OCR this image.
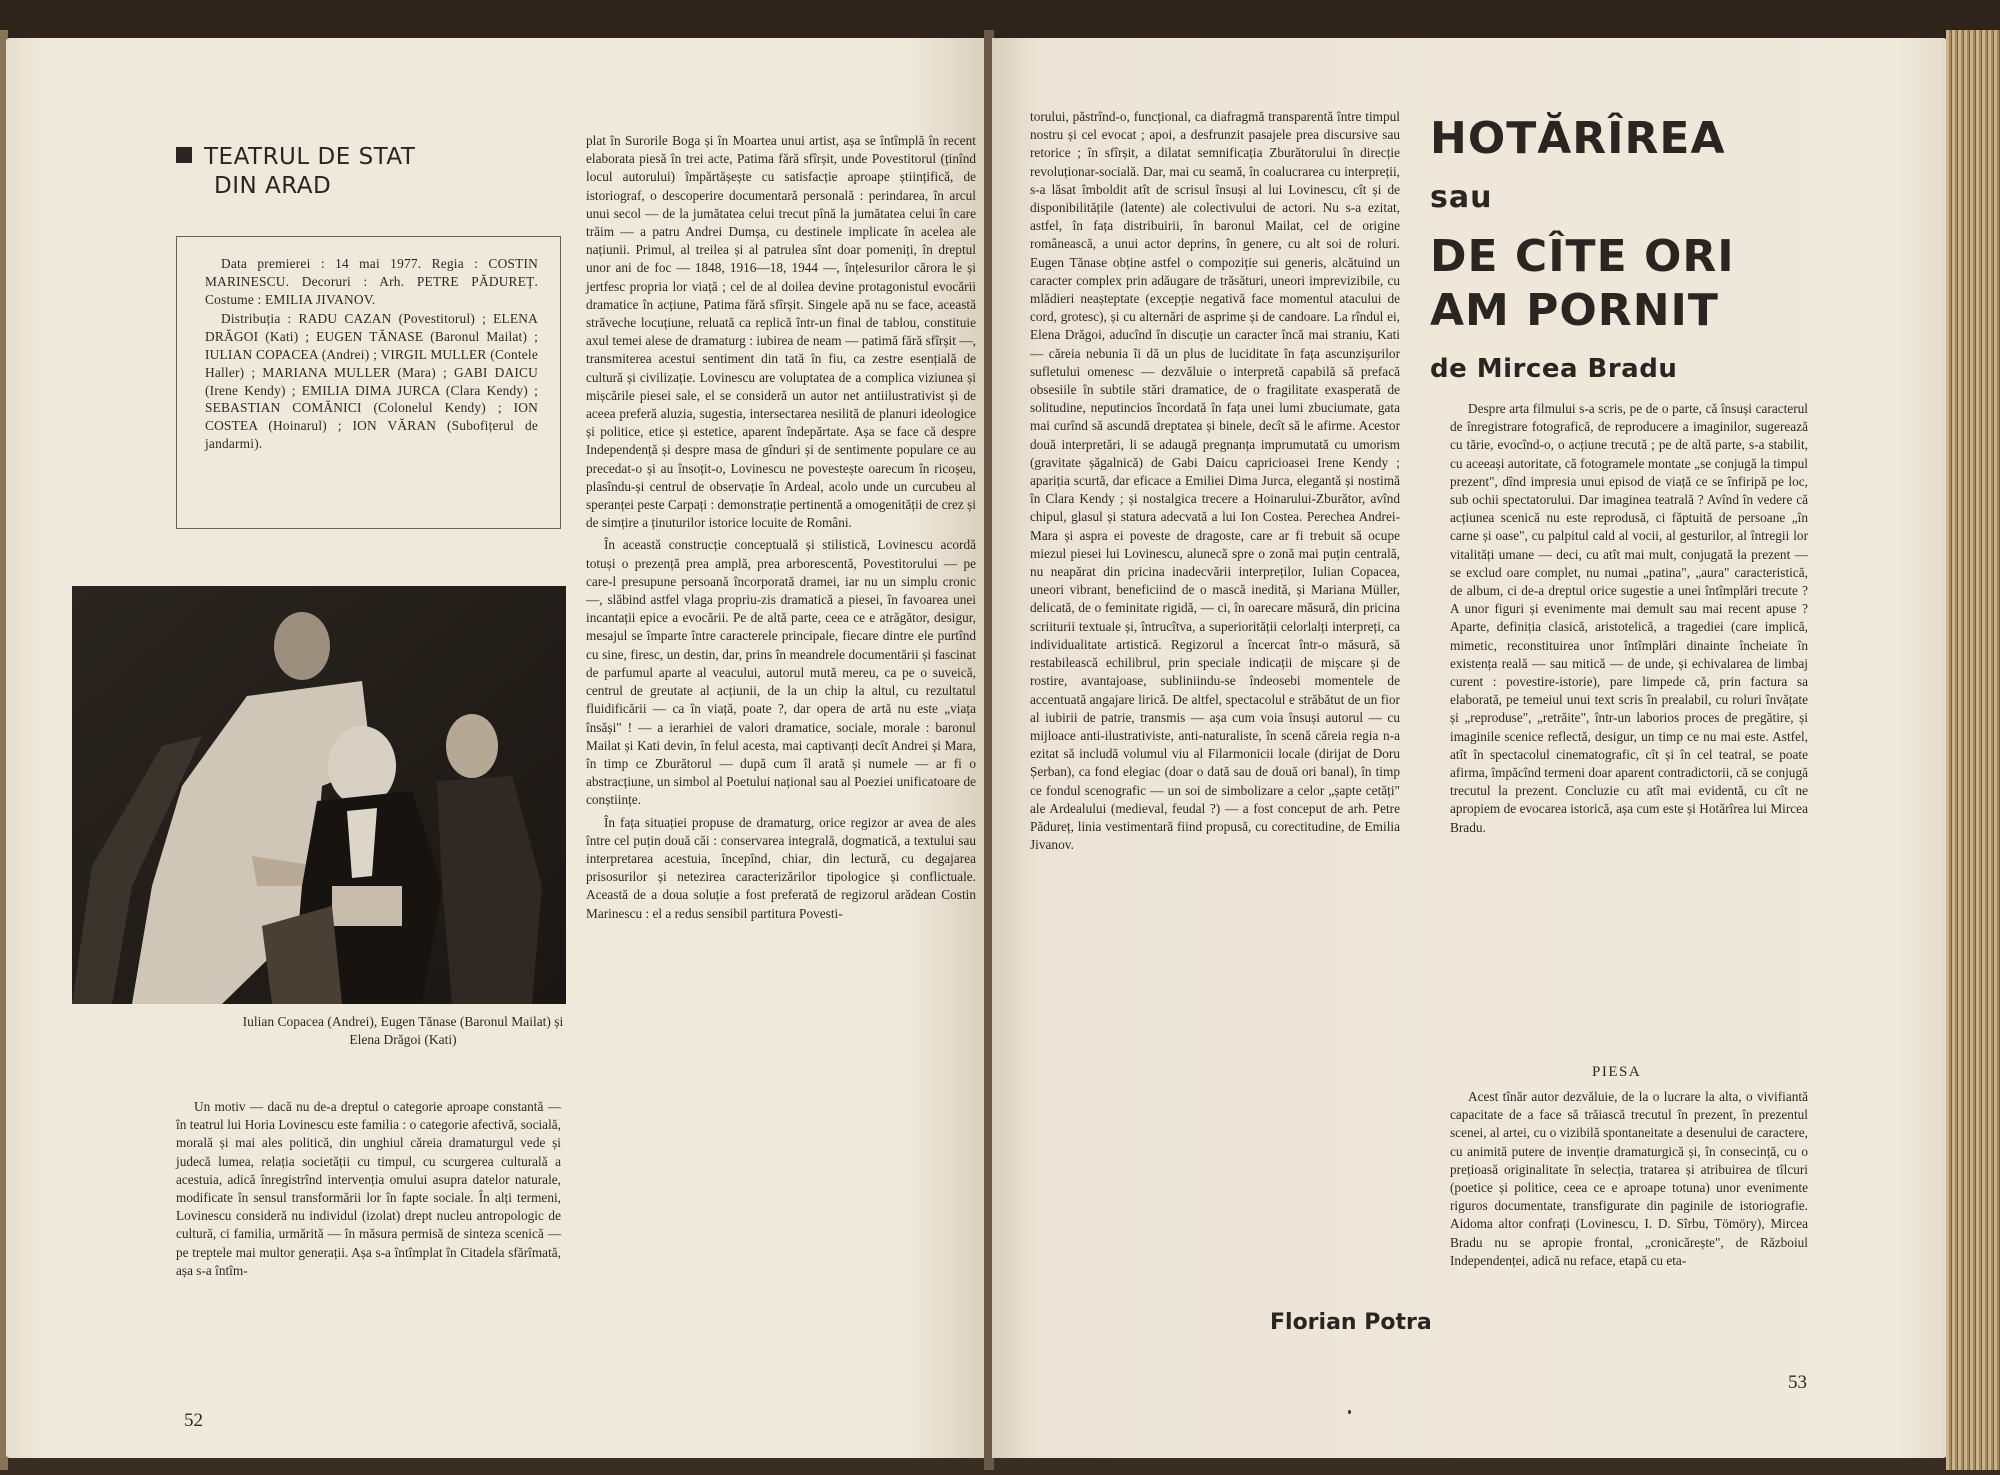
TEATRUL DE STAT
DIN ARAD

Data premierei : 14 mai 1977. Regia : COSTIN MARINESCU. Decoruri : Arh. PETRE PĂDUREȚ. Costume : EMILIA JIVANOV.

Distribuția : RADU CAZAN (Povestitorul) ; ELENA DRĂGOI (Kati) ; EUGEN TĂNASE (Baronul Mailat) ; IULIAN COPACEA (Andrei) ; VIRGIL MULLER (Contele Haller) ; MARIANA MULLER (Mara) ; GABI DAICU (Irene Kendy) ; EMILIA DIMA JURCA (Clara Kendy) ; SEBASTIAN COMĂNICI (Colonelul Kendy) ; ION COSTEA (Hoinarul) ; ION VĂRAN (Subofițerul de jandarmi).

Iulian Copacea (Andrei), Eugen Tănase (Baronul Mailat) și Elena Drăgoi (Kati)

Un motiv — dacă nu de-a dreptul o categorie aproape constantă — în teatrul lui Horia Lovinescu este familia : o categorie afectivă, socială, morală și mai ales politică, din unghiul căreia dramaturgul vede și judecă lumea, relația societății cu timpul, cu scurgerea culturală a acestuia, adică înregistrînd intervenția omului asupra datelor naturale, modificate în sensul transformării lor în fapte sociale. În alți termeni, Lovinescu consideră nu individul (izolat) drept nucleu antropologic de cultură, ci familia, urmărită — în măsura permisă de sinteza scenică — pe treptele mai multor generații. Așa s-a întîmplat în Citadela sfărîmată, așa s-a întîm-

plat în Surorile Boga și în Moartea unui artist, așa se întîmplă în recent elaborata piesă în trei acte, Patima fără sfîrșit, unde Povestitorul (ținînd locul autorului) împărtășește cu satisfacție aproape științifică, de istoriograf, o descoperire documentară personală : perindarea, în arcul unui secol — de la jumătatea celui trecut pînă la jumătatea celui în care trăim — a patru Andrei Dumșa, cu destinele implicate în acelea ale națiunii. Primul, al treilea și al patrulea sînt doar pomeniți, în dreptul unor ani de foc — 1848, 1916—18, 1944 —, înțelesurilor cărora le și jertfesc propria lor viață ; cel de al doilea devine protagonistul evocării dramatice în acțiune, Patima fără sfîrșit. Singele apă nu se face, această străveche locuțiune, reluată ca replică într-un final de tablou, constituie axul temei alese de dramaturg : iubirea de neam — patimă fără sfîrșit —, transmiterea acestui sentiment din tată în fiu, ca zestre esențială de cultură și civilizație. Lovinescu are voluptatea de a complica viziunea și mișcările piesei sale, el se consideră un autor net antiilustrativist și de aceea preferă aluzia, sugestia, intersectarea nesilită de planuri ideologice și politice, etice și estetice, aparent îndepărtate. Așa se face că despre Independență și despre masa de gînduri și de sentimente populare ce au precedat-o și au însoțit-o, Lovinescu ne povestește oarecum în ricoșeu, plasîndu-și centrul de observație în Ardeal, acolo unde un curcubeu al speranței peste Carpați : demonstrație pertinentă a omogenității de crez și de simțire a ținuturilor istorice locuite de Români.

În această construcție conceptuală și stilistică, Lovinescu acordă totuși o prezență prea amplă, prea arborescentă, Povestitorului — pe care-l presupune persoană încorporată dramei, iar nu un simplu cronic —, slăbind astfel vlaga propriu-zis dramatică a piesei, în favoarea unei incantații epice a evocării. Pe de altă parte, ceea ce e atrăgător, desigur, mesajul se împarte între caracterele principale, fiecare dintre ele purtînd cu sine, firesc, un destin, dar, prins în meandrele documentării și fascinat de parfumul aparte al veacului, autorul mută mereu, ca pe o suveică, centrul de greutate al acțiunii, de la un chip la altul, cu rezultatul fluidificării — ca în viață, poate ?, dar opera de artă nu este „viața însăși" ! — a ierarhiei de valori dramatice, sociale, morale : baronul Mailat și Kati devin, în felul acesta, mai captivanți decît Andrei și Mara, în timp ce Zburătorul — după cum îl arată și numele — ar fi o abstracțiune, un simbol al Poetului național sau al Poeziei unificatoare de conștiințe.

În fața situației propuse de dramaturg, orice regizor ar avea de ales între cel puțin două căi : conservarea integrală, dogmatică, a textului sau interpretarea acestuia, începînd, chiar, din lectură, cu degajarea prisosurilor și netezirea caracterizărilor tipologice și conflictuale. Această de a doua soluție a fost preferată de regizorul arădean Costin Marinescu : el a redus sensibil partitura Povesti-

52

torului, păstrînd-o, funcțional, ca diafragmă transparentă între timpul nostru și cel evocat ; apoi, a desfrunzit pasajele prea discursive sau retorice ; în sfîrșit, a dilatat semnificația Zburătorului în direcție revoluționar-socială. Dar, mai cu seamă, în coalucrarea cu interpreții, s-a lăsat îmboldit atît de scrisul însuși al lui Lovinescu, cît și de disponibilitățile (latente) ale colectivului de actori. Nu s-a ezitat, astfel, în fața distribuirii, în baronul Mailat, cel de origine românească, a unui actor deprins, în genere, cu alt soi de roluri. Eugen Tănase obține astfel o compoziție sui generis, alcătuind un caracter complex prin adăugare de trăsături, uneori imprevizibile, cu mlădieri neașteptate (excepție negativă face momentul atacului de cord, grotesc), și cu alternări de asprime și de candoare. La rîndul ei, Elena Drăgoi, aducînd în discuție un caracter încă mai straniu, Kati — căreia nebunia îi dă un plus de luciditate în fața ascunzișurilor sufletului omenesc — dezvăluie o interpretă capabilă să prefacă obsesiile în subtile stări dramatice, de o fragilitate exasperată de solitudine, neputincios încordată în fața unei lumi zbuciumate, gata mai curînd să ascundă dreptatea și binele, decît să le afirme. Acestor două interpretări, li se adaugă pregnanța imprumutată cu umorism (gravitate șăgalnică) de Gabi Daicu capricioasei Irene Kendy ; apariția scurtă, dar eficace a Emiliei Dima Jurca, elegantă și nostimă în Clara Kendy ; și nostalgica trecere a Hoinarului-Zburător, avînd chipul, glasul și statura adecvată a lui Ion Costea. Perechea Andrei-Mara și aspra ei poveste de dragoste, care ar fi trebuit să ocupe miezul piesei lui Lovinescu, alunecă spre o zonă mai puțin centrală, nu neapărat din pricina inadecvării interpreților, Iulian Copacea, uneori vibrant, beneficiind de o mască inedită, și Mariana Müller, delicată, de o feminitate rigidă, — ci, în oarecare măsură, din pricina scriiturii textuale și, întrucîtva, a superiorității celorlalți interpreți, ca individualitate artistică. Regizorul a încercat într-o măsură, să restabilească echilibrul, prin speciale indicații de mișcare și de rostire, avantajoase, subliniindu-se îndeosebi momentele de accentuată angajare lirică. De altfel, spectacolul e străbătut de un fior al iubirii de patrie, transmis — așa cum voia însuși autorul — cu mijloace anti-ilustrativiste, anti-naturaliste, în scenă căreia regia n-a ezitat să includă volumul viu al Filarmonicii locale (dirijat de Doru Șerban), ca fond elegiac (doar o dată sau de două ori banal), în timp ce fondul scenografic — un soi de simbolizare a celor „șapte cetăți" ale Ardealului (medieval, feudal ?) — a fost conceput de arh. Petre Pădureț, linia vestimentară fiind propusă, cu corectitudine, de Emilia Jivanov.

Florian Potra
HOTĂRÎREA
sau
DE CÎTE ORI AM PORNIT
de Mircea Bradu

Despre arta filmului s-a scris, pe de o parte, că însuși caracterul de înregistrare fotografică, de reproducere a imaginilor, sugerează cu tărie, evocînd-o, o acțiune trecută ; pe de altă parte, s-a stabilit, cu aceeași autoritate, că fotogramele montate „se conjugă la timpul prezent", dînd impresia unui episod de viață ce se înfiripă pe loc, sub ochii spectatorului. Dar imaginea teatrală ? Avînd în vedere că acțiunea scenică nu este reprodusă, ci făptuită de persoane „în carne și oase", cu palpitul cald al vocii, al gesturilor, al întregii lor vitalități umane — deci, cu atît mai mult, conjugată la prezent — se exclud oare complet, nu numai „patina", „aura" caracteristică, de album, ci de-a dreptul orice sugestie a unei întîmplări trecute ? A unor figuri și evenimente mai demult sau mai recent apuse ? Aparte, definiția clasică, aristotelică, a tragediei (care implică, mimetic, reconstituirea unor întîmplări dinainte încheiate în existența reală — sau mitică — de unde, și echivalarea de limbaj curent : povestire-istorie), pare limpede că, prin factura sa elaborată, pe temeiul unui text scris în prealabil, cu roluri învățate și „reproduse", „retrăite", într-un laborios proces de pregătire, și imaginile scenice reflectă, desigur, un timp ce nu mai este. Astfel, atît în spectacolul cinematografic, cît și în cel teatral, se poate afirma, împăcînd termeni doar aparent contradictorii, că se conjugă trecutul la prezent. Concluzie cu atît mai evidentă, cu cît ne apropiem de evocarea istorică, așa cum este și Hotărîrea lui Mircea Bradu.

PIESA

Acest tînăr autor dezvăluie, de la o lucrare la alta, o vivifiantă capacitate de a face să trăiască trecutul în prezent, în prezentul scenei, al artei, cu o vizibilă spontaneitate a desenului de caractere, cu animită putere de invenție dramaturgică și, în consecință, cu o prețioasă originalitate în selecția, tratarea și atribuirea de tîlcuri (poetice și politice, ceea ce e aproape totuna) unor evenimente riguros documentate, transfigurate din paginile de istoriografie. Aidoma altor confrați (Lovinescu, I. D. Sîrbu, Tömöry), Mircea Bradu nu se apropie frontal, „cronicărește", de Războiul Independenței, adică nu reface, etapă cu eta-

53
